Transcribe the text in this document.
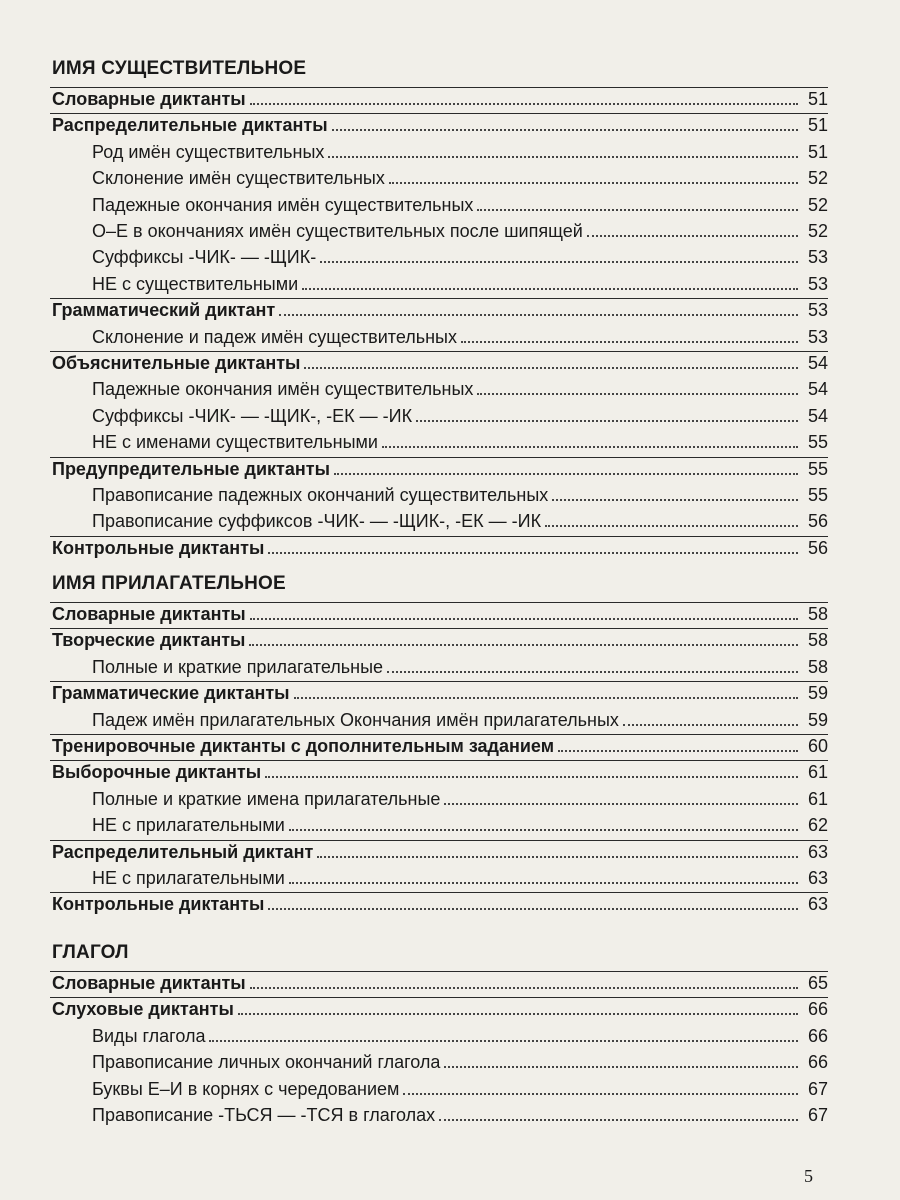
ИМЯ СУЩЕСТВИТЕЛЬНОЕ
Словарные диктанты	51
Распределительные диктанты	51
Род имён существительных	51
Склонение имён существительных	52
Падежные окончания имён существительных	52
О–Е в окончаниях имён существительных после шипящей	52
Суффиксы -ЧИК- — -ЩИК-	53
НЕ с существительными	53
Грамматический диктант	53
Склонение и падеж имён существительных	53
Объяснительные диктанты	54
Падежные окончания имён существительных	54
Суффиксы -ЧИК- — -ЩИК-, -ЕК — -ИК	54
НЕ с именами существительными	55
Предупредительные диктанты	55
Правописание падежных окончаний существительных	55
Правописание суффиксов -ЧИК- — -ЩИК-, -ЕК — -ИК	56
Контрольные диктанты	56
ИМЯ ПРИЛАГАТЕЛЬНОЕ
Словарные диктанты	58
Творческие диктанты	58
Полные и краткие прилагательные	58
Грамматические диктанты	59
Падеж имён прилагательных Окончания имён прилагательных	59
Тренировочные диктанты с дополнительным заданием	60
Выборочные диктанты	61
Полные и краткие имена прилагательные	61
НЕ с прилагательными	62
Распределительный диктант	63
НЕ с прилагательными	63
Контрольные диктанты	63
ГЛАГОЛ
Словарные диктанты	65
Слуховые диктанты	66
Виды глагола	66
Правописание личных окончаний глагола	66
Буквы Е–И в корнях с чередованием	67
Правописание -ТЬСЯ — -ТСЯ в глаголах	67
5
